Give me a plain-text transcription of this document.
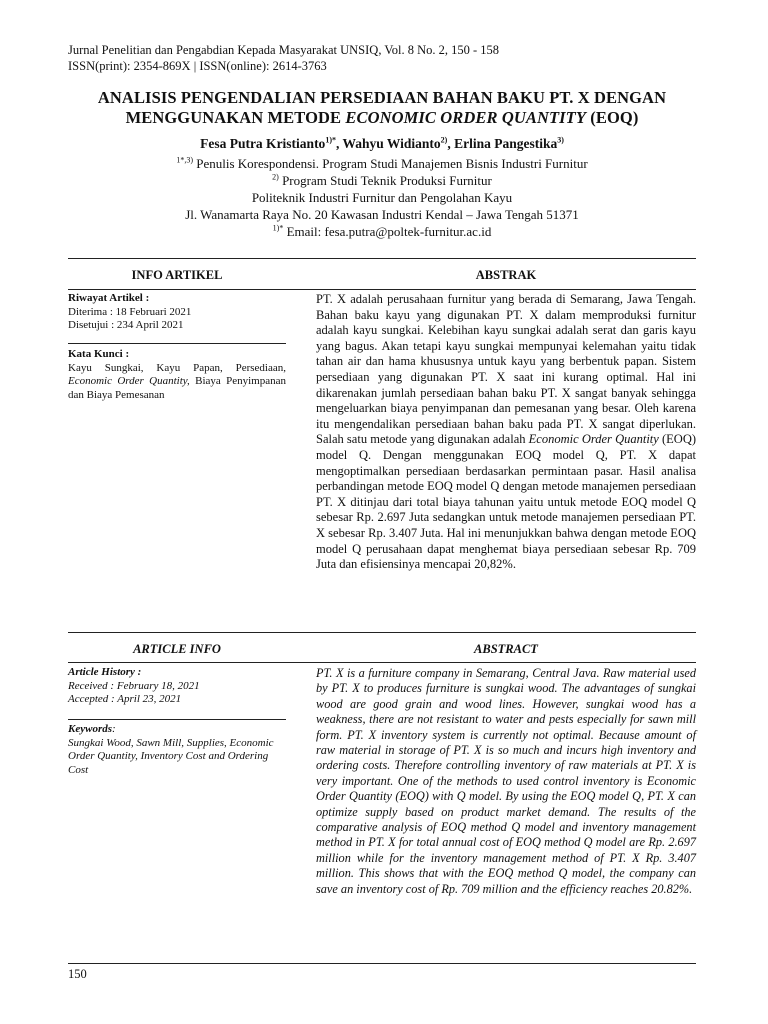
Jurnal Penelitian dan Pengabdian Kepada Masyarakat UNSIQ, Vol. 8 No. 2, 150 - 158
ISSN(print): 2354-869X | ISSN(online): 2614-3763
ANALISIS PENGENDALIAN PERSEDIAAN BAHAN BAKU PT. X DENGAN
MENGGUNAKAN METODE ECONOMIC ORDER QUANTITY (EOQ)
Fesa Putra Kristianto$^{1)*}$, Wahyu Widianto$^{2)}$, Erlina Pangestika$^{3)}$
$^{1*,3)}$ Penulis Korespondensi. Program Studi Manajemen Bisnis Industri Furnitur
$^{2)}$ Program Studi Teknik Produksi Furnitur
Politeknik Industri Furnitur dan Pengolahan Kayu
Jl. Wanamarta Raya No. 20 Kawasan Industri Kendal – Jawa Tengah 51371
$^{1)*}$ Email: fesa.putra@poltek-furnitur.ac.id
INFO ARTIKEL	ABSTRAK
Riwayat Artikel :
Diterima : 18 Februari 2021
Disetujui : 234 April 2021
Kata Kunci :
Kayu Sungkai, Kayu Papan, Persediaan, Economic Order Quantity, Biaya Penyimpanan dan Biaya Pemesanan
PT. X adalah perusahaan furnitur yang berada di Semarang, Jawa Tengah. Bahan baku kayu yang digunakan PT. X dalam memproduksi furnitur adalah kayu sungkai. Kelebihan kayu sungkai adalah serat dan garis kayu yang bagus. Akan tetapi kayu sungkai mempunyai kelemahan yaitu tidak tahan air dan hama khususnya untuk kayu yang berbentuk papan. Sistem persediaan yang digunakan PT. X saat ini kurang optimal. Hal ini dikarenakan jumlah persediaan bahan baku PT. X sangat banyak sehingga mengeluarkan biaya penyimpanan dan pemesanan yang besar. Oleh karena itu mengendalikan persediaan bahan baku pada PT. X sangat diperlukan. Salah satu metode yang digunakan adalah Economic Order Quantity (EOQ) model Q. Dengan menggunakan EOQ model Q, PT. X dapat mengoptimalkan persediaan berdasarkan permintaan pasar. Hasil analisa perbandingan metode EOQ model Q dengan metode manajemen persediaan PT. X ditinjau dari total biaya tahunan yaitu untuk metode EOQ model Q sebesar Rp. 2.697 Juta sedangkan untuk metode manajemen persediaan PT. X sebesar Rp. 3.407 Juta. Hal ini menunjukkan bahwa dengan metode EOQ model Q perusahaan dapat menghemat biaya persediaan sebesar Rp. 709 Juta dan efisiensinya mencapai 20,82%.
ARTICLE INFO	ABSTRACT
Article History :
Received : February 18, 2021
Accepted : April 23, 2021
Keywords:
Sungkai Wood, Sawn Mill, Supplies, Economic Order Quantity, Inventory Cost and Ordering Cost
PT. X is a furniture company in Semarang, Central Java. Raw material used by PT. X to produces furniture is sungkai wood. The advantages of sungkai wood are good grain and wood lines. However, sungkai wood has a weakness, there are not resistant to water and pests especially for sawn mill form. PT. X inventory system is currently not optimal. Because amount of raw material in storage of PT. X is so much and incurs high inventory and ordering costs. Therefore controlling inventory of raw materials at PT. X is very important. One of the methods to used control inventory is Economic Order Quantity (EOQ) with Q model. By using the EOQ model Q, PT. X can optimize supply based on product market demand. The results of the comparative analysis of EOQ method Q model and inventory management method in PT. X for total annual cost of EOQ method Q model are Rp. 2.697 million while for the inventory management method of PT. X Rp. 3.407 million. This shows that with the EOQ method Q model, the company can save an inventory cost of Rp. 709 million and the efficiency reaches 20.82%.
150
